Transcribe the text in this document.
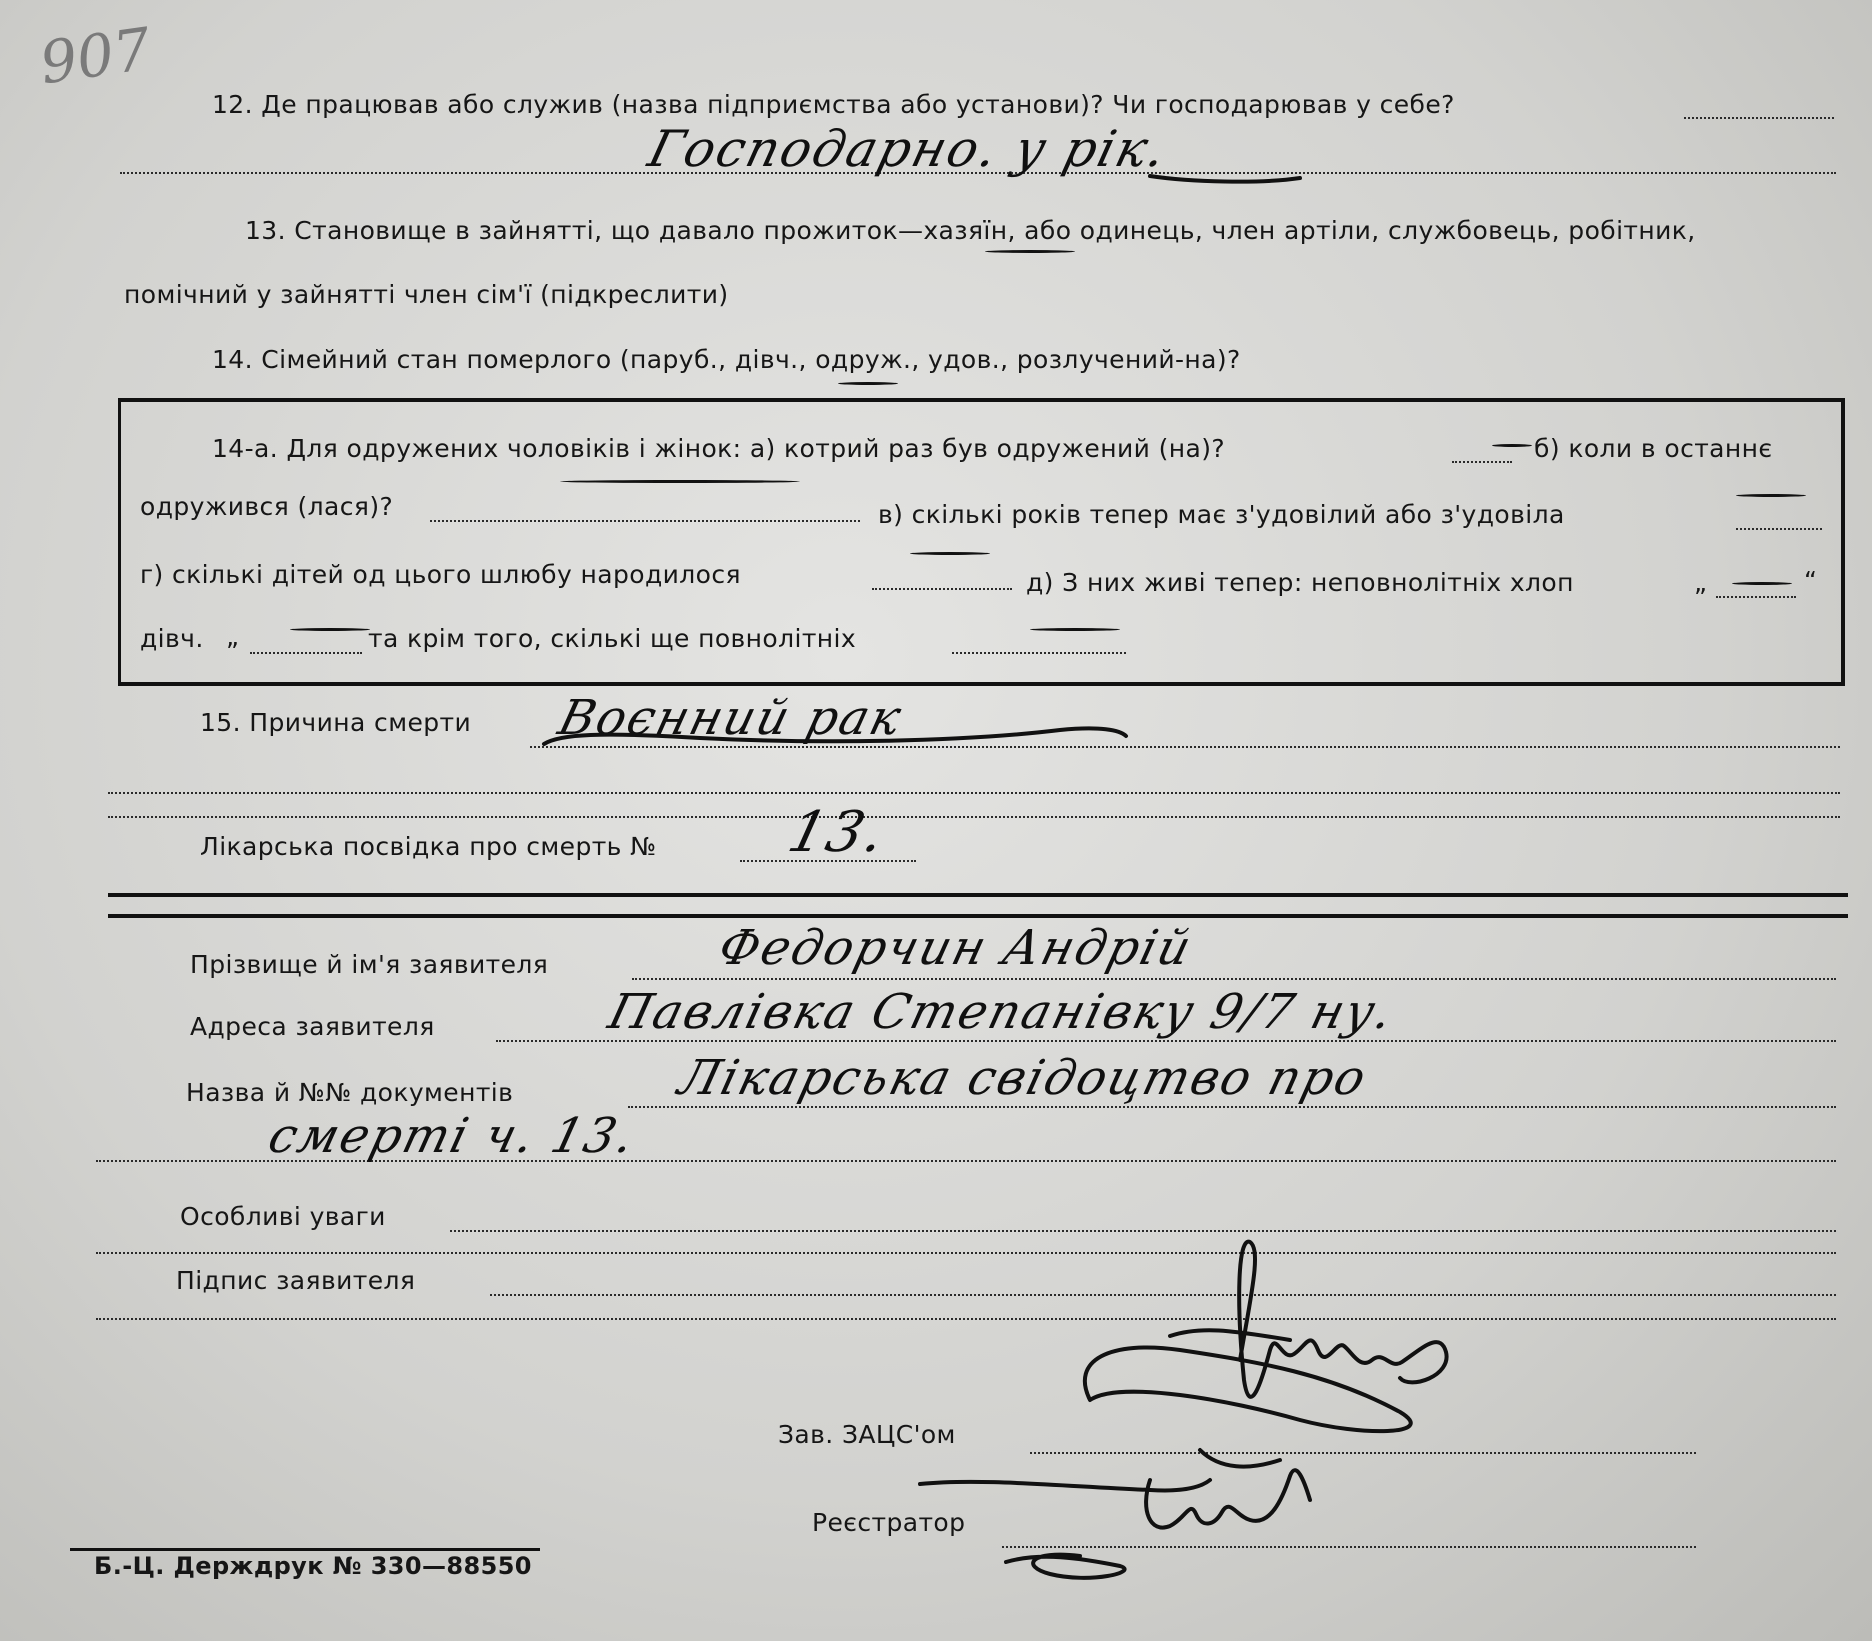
907
12. Де працював або служив (назва підприємства або установи)? Чи господарював у себе?
Господарно. у рік.
13. Становище в зайнятті, що давало прожиток—хазяїн, або одинець, член артіли, службовець, робітник,
помічний у зайнятті член сім'ї (підкреслити)
14. Сімейний стан померлого (паруб., дівч., одруж., удов., розлучений-на)?
14-а. Для одружених чоловіків і жінок: а) котрий раз був одружений (на)?	б) коли в останнє
одружився (лася)?	в) скількі років тепер має з'удовілий або з'удовіла
г) скількі дітей од цього шлюбу народилося	д) З них живі тепер: неповнолітніх хлоп	„	“
дівч. „	та крім того, скількі ще повнолітніх
15. Причина смерти Воєнний рак
Лікарська посвідка про смерть № 13.
Прізвище й ім'я заявителя	Федорчин Андрій
Адреса заявителя	Павлівка Степанівку 9/7 ну.
Назва й №№ документів	Лікарська свідоцтво про
смерті ч. 13.
Особливі уваги
Підпис заявителя
Зав. ЗАЦС'ом
Реєстратор
Б.-Ц. Держдрук № 330—88550
